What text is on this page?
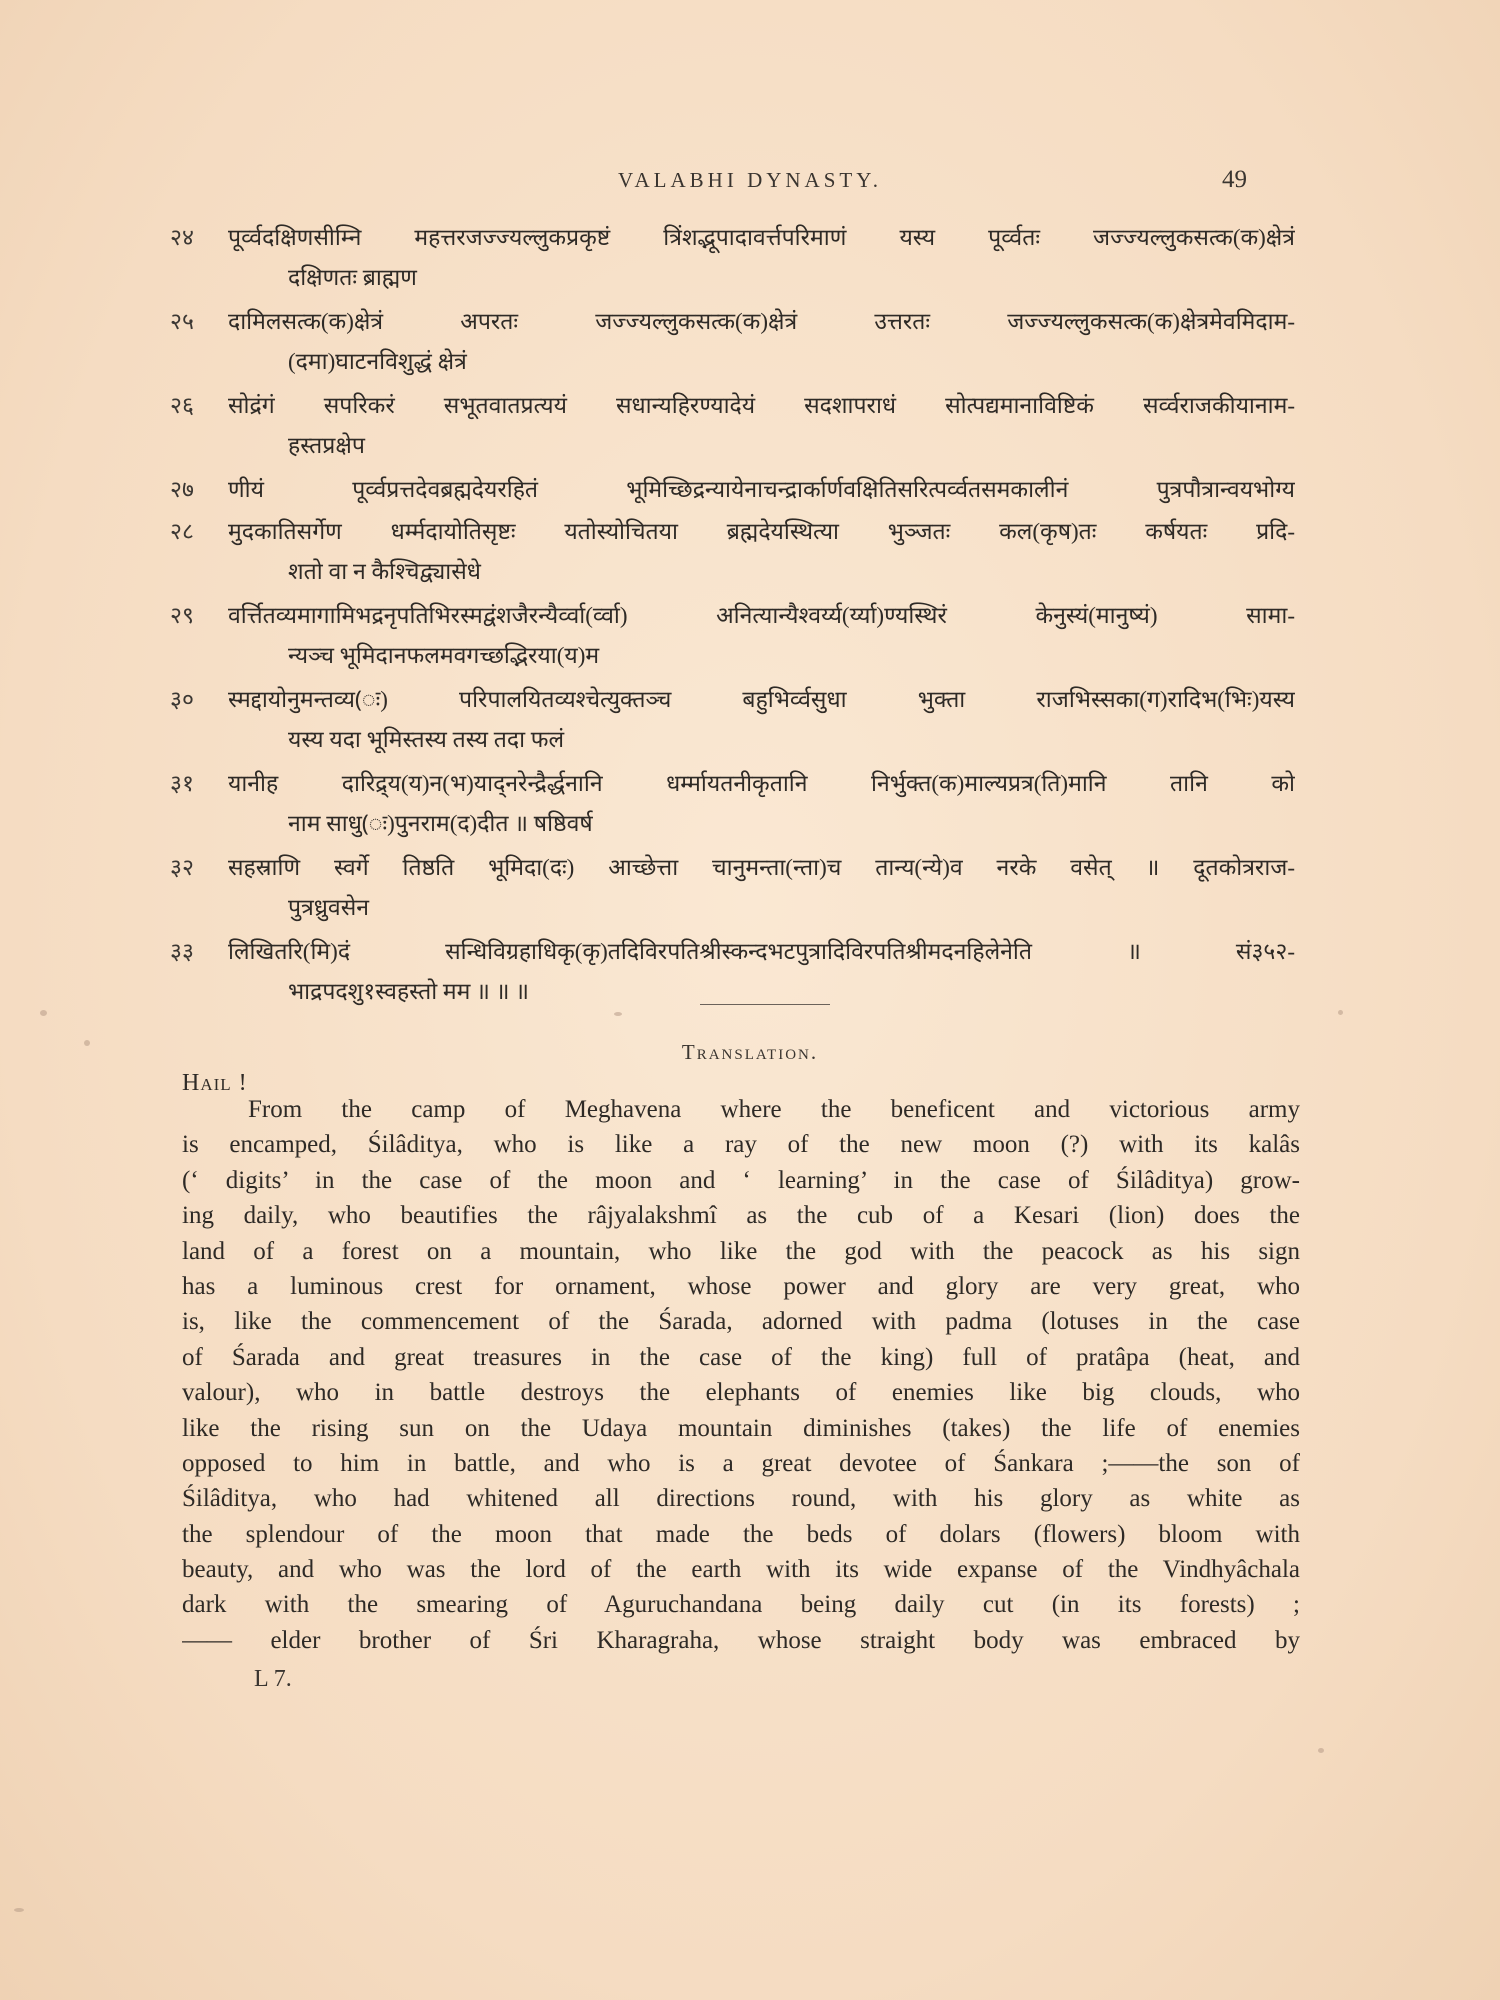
VALABHI DYNASTY.	49
२४	पूर्व्वदक्षिणसीम्नि महत्तरजज्ज्यल्लुकप्रकृष्टं त्रिंशद्भूपादावर्त्तपरिमाणं यस्य पूर्व्वतः जज्ज्यल्लुकसत्क(क)क्षेत्रं
दक्षिणतः ब्राह्मण
२५	दामिलसत्क(क)क्षेत्रं अपरतः जज्ज्यल्लुकसत्क(क)क्षेत्रं उत्तरतः जज्ज्यल्लुकसत्क(क)क्षेत्रमेवमिदाम-
(दमा)घाटनविशुद्धं क्षेत्रं
२६	सोद्रंगं सपरिकरं सभूतवातप्रत्ययं सधान्यहिरण्यादेयं सदशापराधं सोत्पद्यमानाविष्टिकं सर्व्वराजकीयानाम-
हस्तप्रक्षेप
२७	णीयं पूर्व्वप्रत्तदेवब्रह्मदेयरहितं भूमिच्छिद्रन्यायेनाचन्द्रार्कार्णवक्षितिसरित्पर्व्वतसमकालीनं पुत्रपौत्रान्वयभोग्य
२८	मुदकातिसर्गेण धर्म्मदायोतिसृष्टः यतोस्योचितया ब्रह्मदेयस्थित्या भुञ्जतः कल(कृष)तः कर्षयतः प्रदि-
शतो वा न कैश्चिद्व्यासेधे
२९	वर्त्तितव्यमागामिभद्रनृपतिभिरस्मद्वंशजैरन्यैर्व्वा(र्व्वा) अनित्यान्यैश्वर्य्य(र्य्या)ण्यस्थिरं केनुस्यं(मानुष्यं) सामा-
न्यञ्च भूमिदानफलमवगच्छद्भिरया(य)म
३०	स्मद्दायोनुमन्तव्य(ः) परिपालयितव्यश्चेत्युक्तञ्च बहुभिर्व्वसुधा भुक्ता राजभिस्सका(ग)रादिभ(भिः)यस्य
यस्य यदा भूमिस्तस्य तस्य तदा फलं
३१	यानीह दारिद्र्य(य)न(भ)याद्नरेन्द्रैर्द्धनानि धर्म्मायतनीकृतानि निर्भुक्त(क)माल्यप्रत्र(ति)मानि तानि को
नाम साधु(ः)पुनराम(द)दीत ॥ षष्ठिवर्ष
३२	सहस्राणि स्वर्गे तिष्ठति भूमिदा(दः) आच्छेत्ता चानुमन्ता(न्ता)च तान्य(न्ये)व नरके वसेत् ॥ दूतकोत्रराज-
पुत्रध्रुवसेन
३३	लिखितरि(मि)दं सन्धिविग्रहाधिकृ(कृ)तदिविरपतिश्रीस्कन्दभटपुत्रादिविरपतिश्रीमदनहिलेनेति ॥ सं३५२-
भाद्रपदशु१स्वहस्तो मम ॥ ॥ ॥
Translation.
Hail !
From the camp of Meghavena where the beneficent and victorious army
is encamped, Śilâditya, who is like a ray of the new moon (?) with its kalâs
(‘ digits’ in the case of the moon and ‘ learning’ in the case of Śilâditya) grow-
ing daily, who beautifies the râjyalakshmî as the cub of a Kesari (lion) does the
land of a forest on a mountain, who like the god with the peacock as his sign
has a luminous crest for ornament, whose power and glory are very great, who
is, like the commencement of the Śarada, adorned with padma (lotuses in the case
of Śarada and great treasures in the case of the king) full of pratâpa (heat, and
valour), who in battle destroys the elephants of enemies like big clouds, who
like the rising sun on the Udaya mountain diminishes (takes) the life of enemies
opposed to him in battle, and who is a great devotee of Śankara ;——the son of
Śilâditya, who had whitened all directions round, with his glory as white as
the splendour of the moon that made the beds of dolars (flowers) bloom with
beauty, and who was the lord of the earth with its wide expanse of the Vindhyâchala
dark with the smearing of Aguruchandana being daily cut (in its forests) ;
—— elder brother of Śri Kharagraha, whose straight body was embraced by
L 7.
